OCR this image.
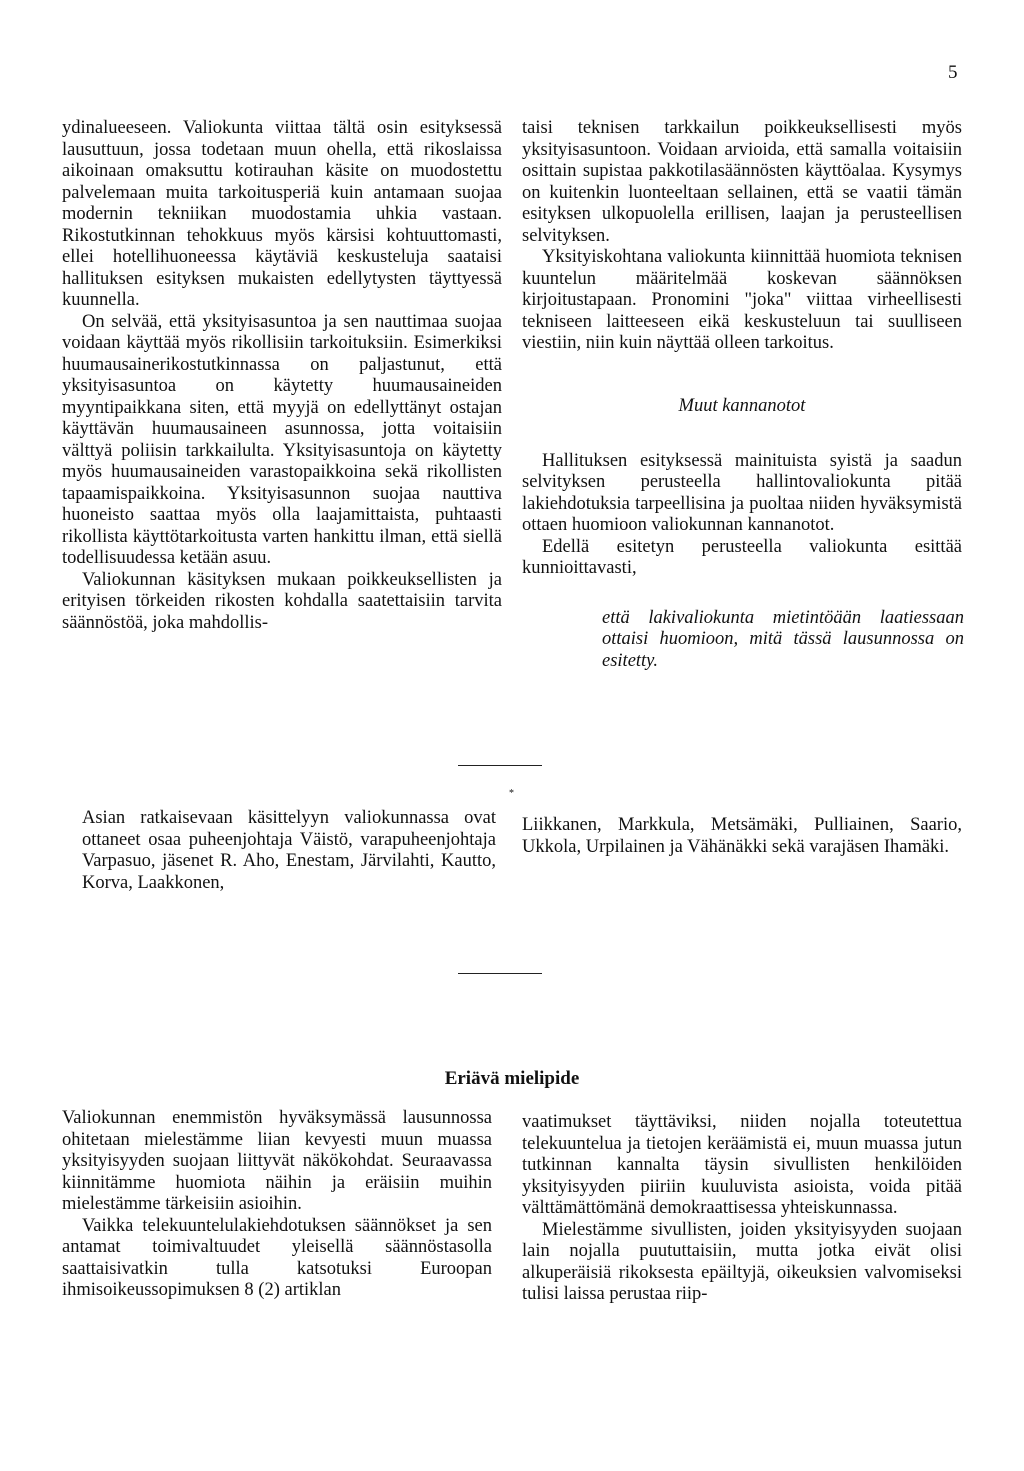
5

ydinalueeseen. Valiokunta viittaa tältä osin esityksessä lausuttuun, jossa todetaan muun ohella, että rikoslaissa aikoinaan omaksuttu kotirauhan käsite on muodostettu palvelemaan muita tarkoitusperiä kuin antamaan suojaa modernin tekniikan muodostamia uhkia vastaan. Rikostutkinnan tehokkuus myös kärsisi kohtuuttomasti, ellei hotellihuoneessa käytäviä keskusteluja saataisi hallituksen esityksen mukaisten edellytysten täyttyessä kuunnella.

On selvää, että yksityisasuntoa ja sen nauttimaa suojaa voidaan käyttää myös rikollisiin tarkoituksiin. Esimerkiksi huumausainerikostutkinnassa on paljastunut, että yksityisasuntoa on käytetty huumausaineiden myyntipaikkana siten, että myyjä on edellyttänyt ostajan käyttävän huumausaineen asunnossa, jotta voitaisiin välttyä poliisin tarkkailulta. Yksityisasuntoja on käytetty myös huumausaineiden varastopaikkoina sekä rikollisten tapaamispaikkoina. Yksityisasunnon suojaa nauttiva huoneisto saattaa myös olla laajamittaista, puhtaasti rikollista käyttötarkoitusta varten hankittu ilman, että siellä todellisuudessa ketään asuu.

Valiokunnan käsityksen mukaan poikkeuksellisten ja erityisen törkeiden rikosten kohdalla saatettaisiin tarvita säännöstöä, joka mahdollis-

taisi teknisen tarkkailun poikkeuksellisesti myös yksityisasuntoon. Voidaan arvioida, että samalla voitaisiin osittain supistaa pakkotilasäännösten käyttöalaa. Kysymys on kuitenkin luonteeltaan sellainen, että se vaatii tämän esityksen ulkopuolella erillisen, laajan ja perusteellisen selvityksen.

Yksityiskohtana valiokunta kiinnittää huomiota teknisen kuuntelun määritelmää koskevan säännöksen kirjoitustapaan. Pronomini "joka" viittaa virheellisesti tekniseen laitteeseen eikä keskusteluun tai suulliseen viestiin, niin kuin näyttää olleen tarkoitus.

Muut kannanotot

Hallituksen esityksessä mainituista syistä ja saadun selvityksen perusteella hallintovaliokunta pitää lakiehdotuksia tarpeellisina ja puoltaa niiden hyväksymistä ottaen huomioon valiokunnan kannanotot.

Edellä esitetyn perusteella valiokunta esittää kunnioittavasti,

että lakivaliokunta mietintöään laatiessaan ottaisi huomioon, mitä tässä lausunnossa on esitetty.
*

Asian ratkaisevaan käsittelyyn valiokunnassa ovat ottaneet osaa puheenjohtaja Väistö, varapuheenjohtaja Varpasuo, jäsenet R. Aho, Enestam, Järvilahti, Kautto, Korva, Laakkonen,

Liikkanen, Markkula, Metsämäki, Pulliainen, Saario, Ukkola, Urpilainen ja Vähänäkki sekä varajäsen Ihamäki.

Eriävä mielipide

Valiokunnan enemmistön hyväksymässä lausunnossa ohitetaan mielestämme liian kevyesti muun muassa yksityisyyden suojaan liittyvät näkökohdat. Seuraavassa kiinnitämme huomiota näihin ja eräisiin muihin mielestämme tärkeisiin asioihin.

Vaikka telekuuntelulakiehdotuksen säännökset ja sen antamat toimivaltuudet yleisellä säännöstasolla saattaisivatkin tulla katsotuksi Euroopan ihmisoikeussopimuksen 8 (2) artiklan

vaatimukset täyttäviksi, niiden nojalla toteutettua telekuuntelua ja tietojen keräämistä ei, muun muassa jutun tutkinnan kannalta täysin sivullisten henkilöiden yksityisyyden piiriin kuuluvista asioista, voida pitää välttämättömänä demokraattisessa yhteiskunnassa.

Mielestämme sivullisten, joiden yksityisyyden suojaan lain nojalla puututtaisiin, mutta jotka eivät olisi alkuperäisiä rikoksesta epäiltyjä, oikeuksien valvomiseksi tulisi laissa perustaa riip-
